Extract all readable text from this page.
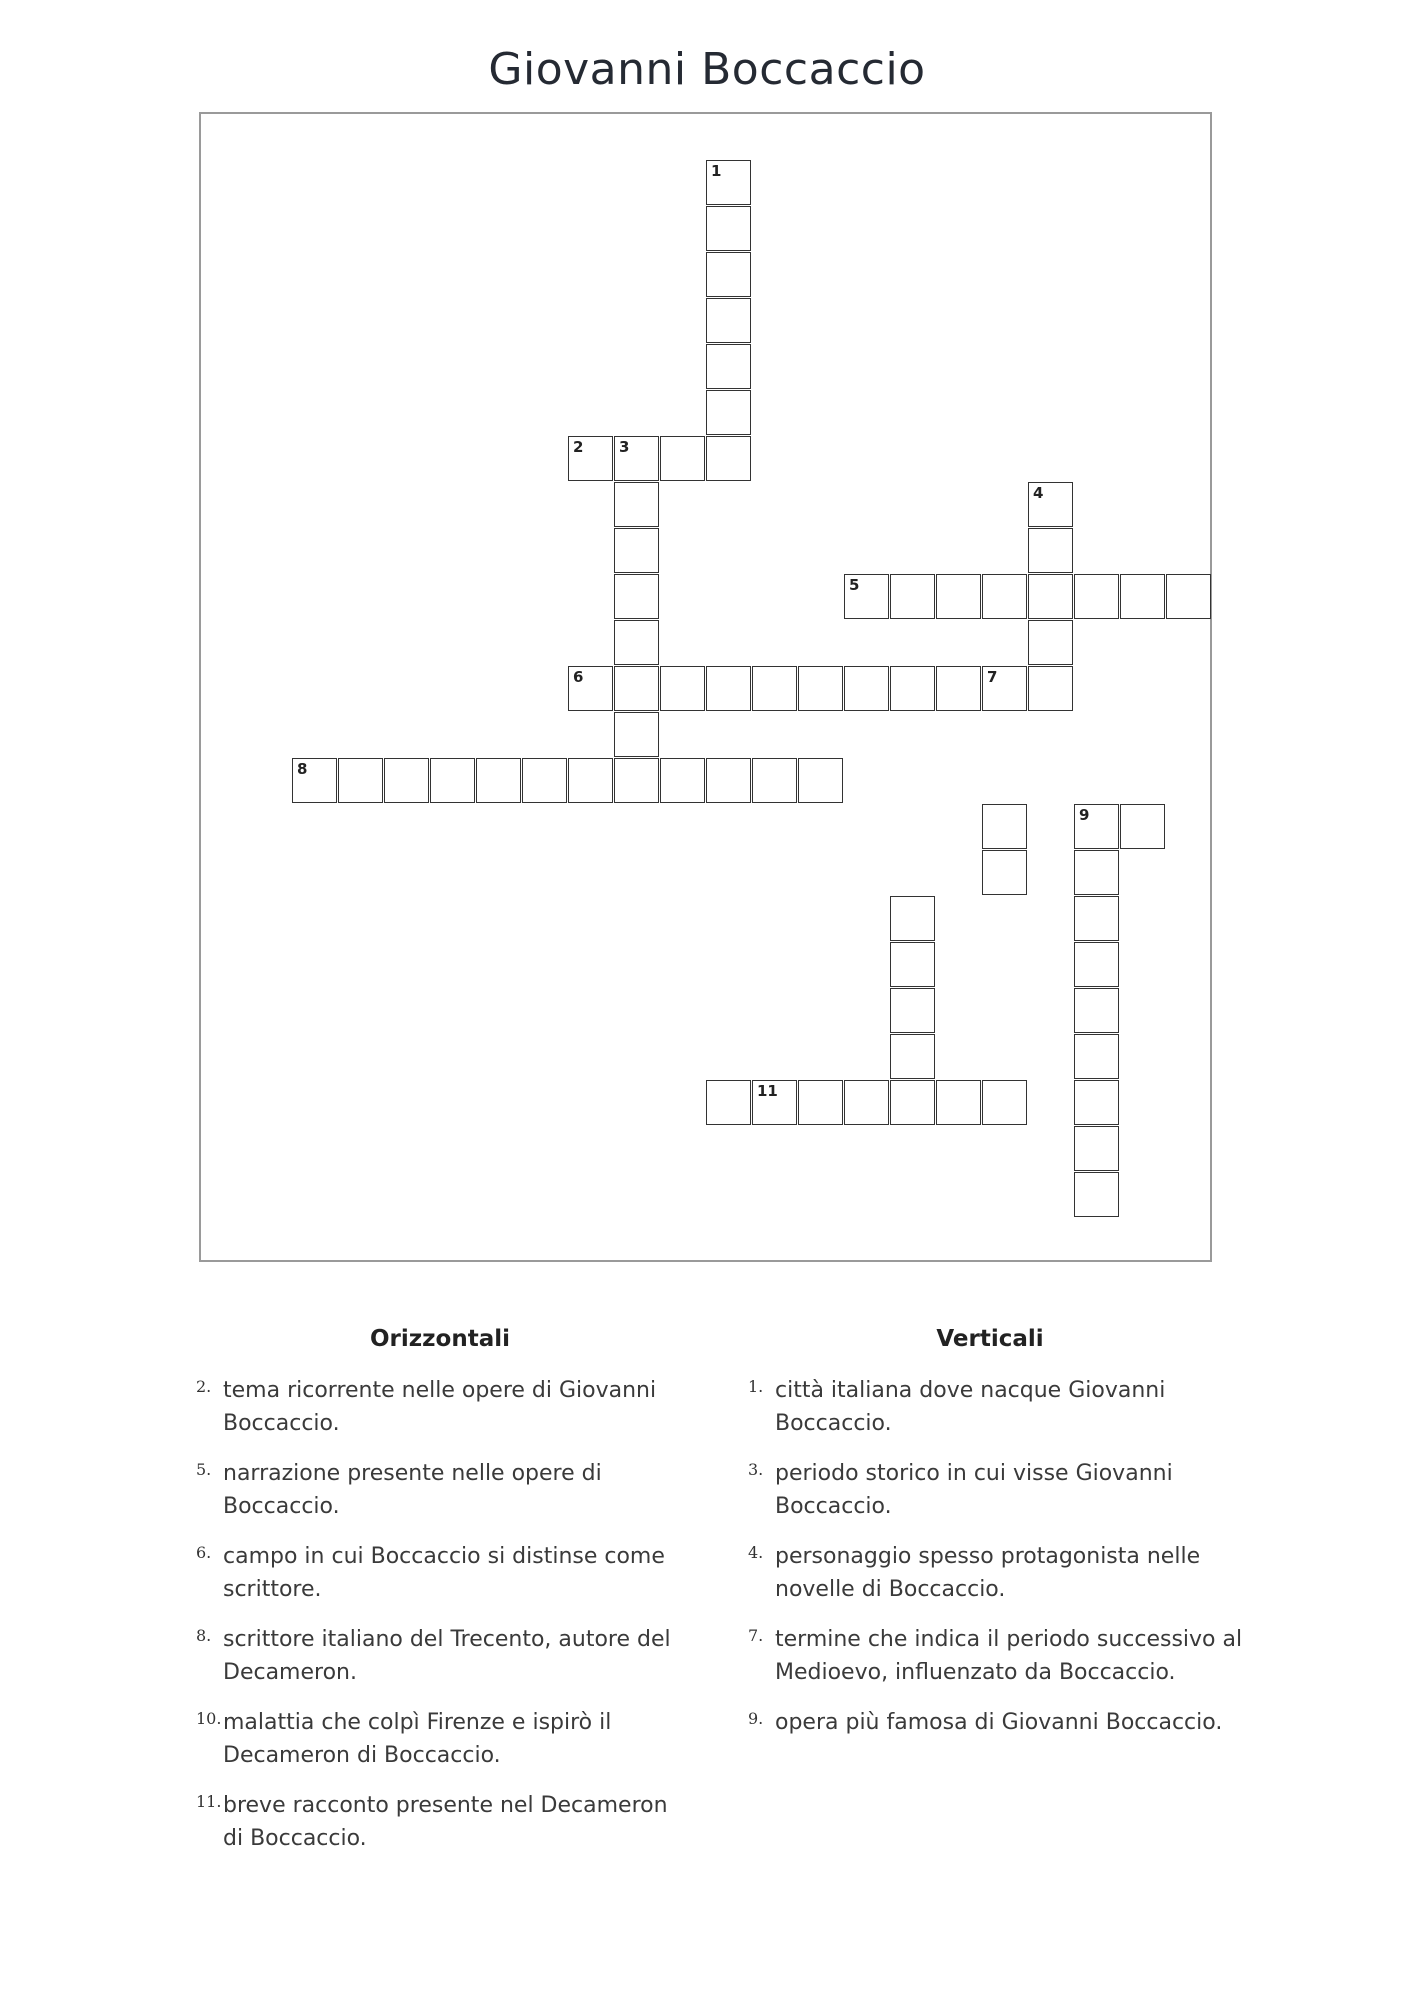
Giovanni Boccaccio
1
2 3
4
5
6	7
8
9
11
Orizzontali	Verticali
2. tema ricorrente nelle opere di Giovanni
Boccaccio.
5. narrazione presente nelle opere di
Boccaccio.
6. campo in cui Boccaccio si distinse come
scrittore.
8. scrittore italiano del Trecento, autore del
Decameron.
10. malattia che colpì Firenze e ispirò il
Decameron di Boccaccio.
11. breve racconto presente nel Decameron
di Boccaccio.
1. città italiana dove nacque Giovanni
Boccaccio.
3. periodo storico in cui visse Giovanni
Boccaccio.
4. personaggio spesso protagonista nelle
novelle di Boccaccio.
7. termine che indica il periodo successivo al
Medioevo, influenzato da Boccaccio.
9. opera più famosa di Giovanni Boccaccio.
